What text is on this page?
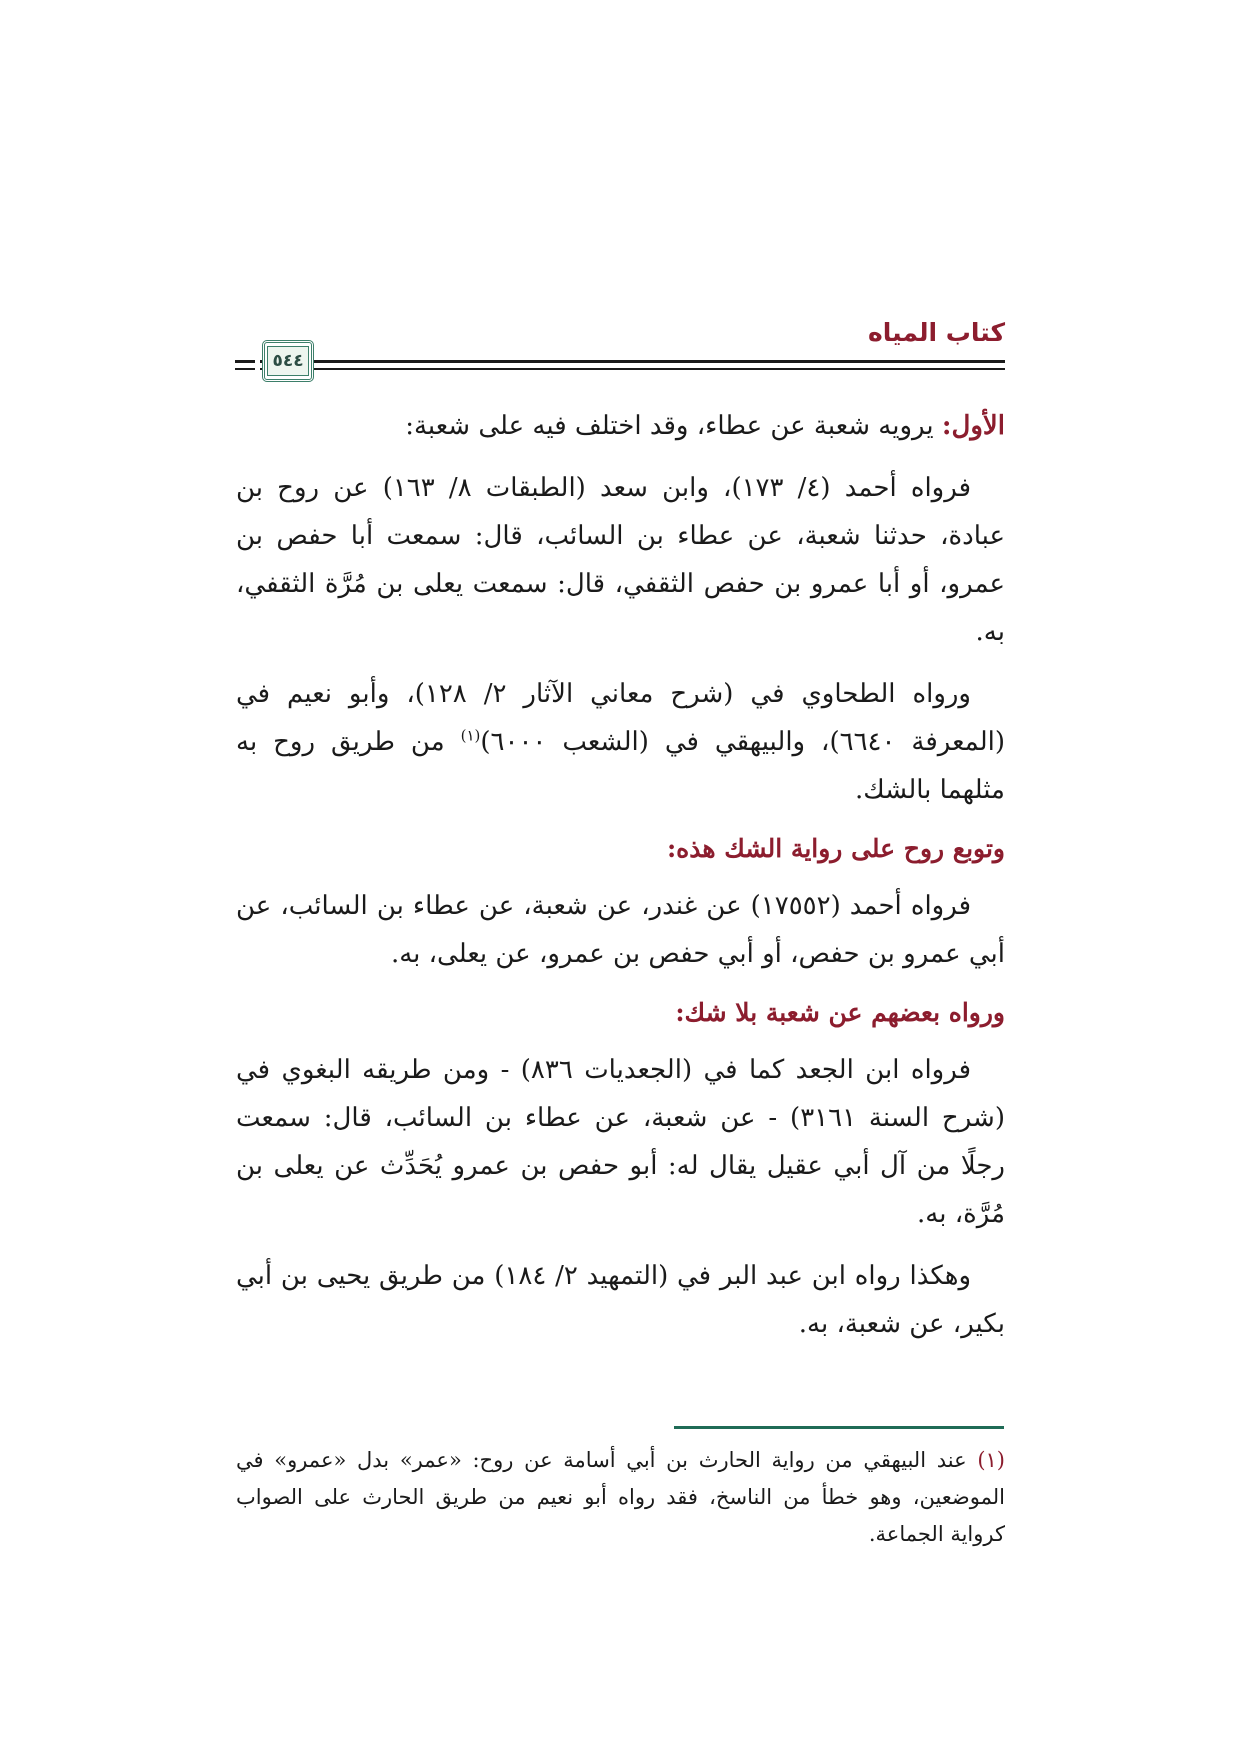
كتاب المياه
٥٤٤

الأول: يرويه شعبة عن عطاء، وقد اختلف فيه على شعبة:

فرواه أحمد (٤/ ١٧٣)، وابن سعد (الطبقات ٨/ ١٦٣) عن روح بن عبادة، حدثنا شعبة، عن عطاء بن السائب، قال: سمعت أبا حفص بن عمرو، أو أبا عمرو بن حفص الثقفي، قال: سمعت يعلى بن مُرَّة الثقفي، به.

ورواه الطحاوي في (شرح معاني الآثار ٢/ ١٢٨)، وأبو نعيم في (المعرفة ٦٦٤٠)، والبيهقي في (الشعب ٦٠٠٠)$^{(١)}$ من طريق روح به مثلهما بالشك.

وتوبع روح على رواية الشك هذه:

فرواه أحمد (١٧٥٥٢) عن غندر، عن شعبة، عن عطاء بن السائب، عن أبي عمرو بن حفص، أو أبي حفص بن عمرو، عن يعلى، به.

ورواه بعضهم عن شعبة بلا شك:

فرواه ابن الجعد كما في (الجعديات ٨٣٦) - ومن طريقه البغوي في (شرح السنة ٣١٦١) - عن شعبة، عن عطاء بن السائب، قال: سمعت رجلًا من آل أبي عقيل يقال له: أبو حفص بن عمرو يُحَدِّث عن يعلى بن مُرَّة، به.

وهكذا رواه ابن عبد البر في (التمهيد ٢/ ١٨٤) من طريق يحيى بن أبي بكير، عن شعبة، به.

(١) عند البيهقي من رواية الحارث بن أبي أسامة عن روح: «عمر» بدل «عمرو» في الموضعين، وهو خطأ من الناسخ، فقد رواه أبو نعيم من طريق الحارث على الصواب كرواية الجماعة.
